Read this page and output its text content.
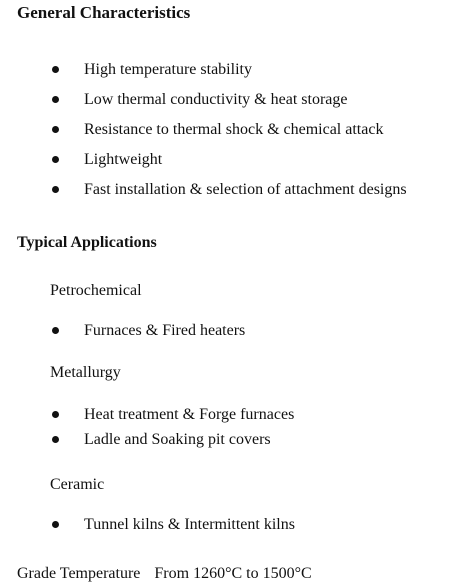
General Characteristics
High temperature stability
Low thermal conductivity & heat storage
Resistance to thermal shock & chemical attack
Lightweight
Fast installation & selection of attachment designs
Typical Applications

Petrochemical

Furnaces & Fired heaters

Metallurgy

Heat treatment & Forge furnaces
Ladle and Soaking pit covers

Ceramic

Tunnel kilns & Intermittent kilns

Grade Temperature From 1260°C to 1500°C
